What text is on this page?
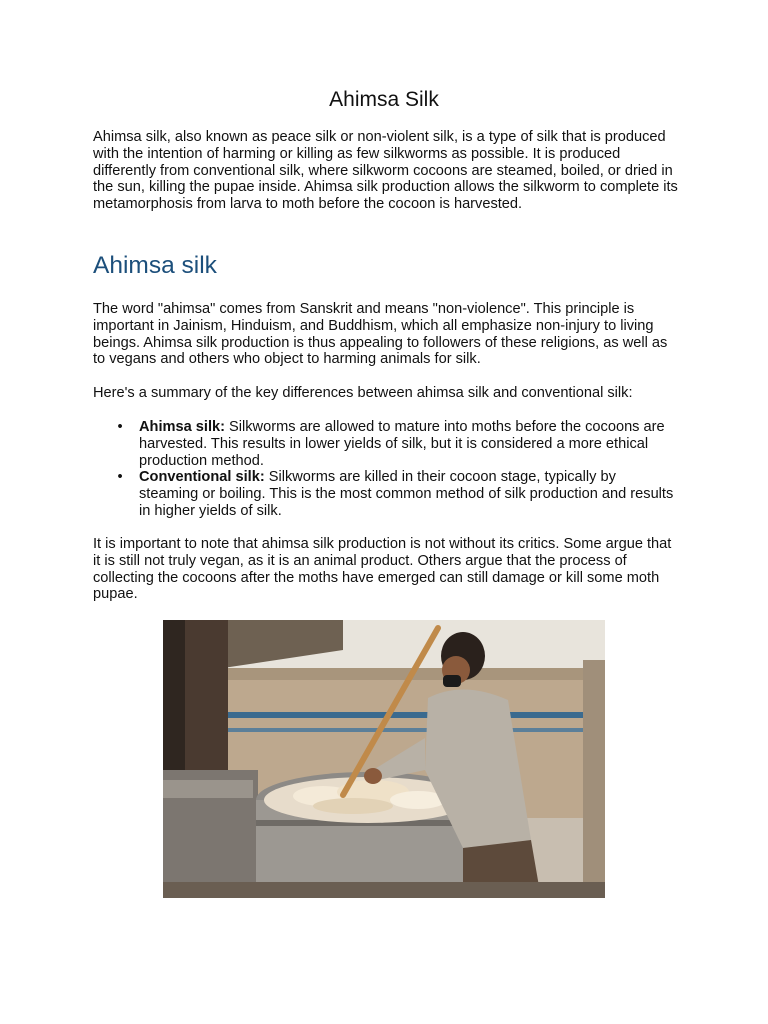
Ahimsa Silk

Ahimsa silk, also known as peace silk or non-violent silk, is a type of silk that is produced with the intention of harming or killing as few silkworms as possible. It is produced differently from conventional silk, where silkworm cocoons are steamed, boiled, or dried in the sun, killing the pupae inside. Ahimsa silk production allows the silkworm to complete its metamorphosis from larva to moth before the cocoon is harvested.

Ahimsa silk

The word "ahimsa" comes from Sanskrit and means "non-violence". This principle is important in Jainism, Hinduism, and Buddhism, which all emphasize non-injury to living beings. Ahimsa silk production is thus appealing to followers of these religions, as well as to vegans and others who object to harming animals for silk.

Here's a summary of the key differences between ahimsa silk and conventional silk:

• Ahimsa silk: Silkworms are allowed to mature into moths before the cocoons are harvested. This results in lower yields of silk, but it is considered a more ethical production method.
• Conventional silk: Silkworms are killed in their cocoon stage, typically by steaming or boiling. This is the most common method of silk production and results in higher yields of silk.

It is important to note that ahimsa silk production is not without its critics. Some argue that it is still not truly vegan, as it is an animal product. Others argue that the process of collecting the cocoons after the moths have emerged can still damage or kill some moth pupae.
